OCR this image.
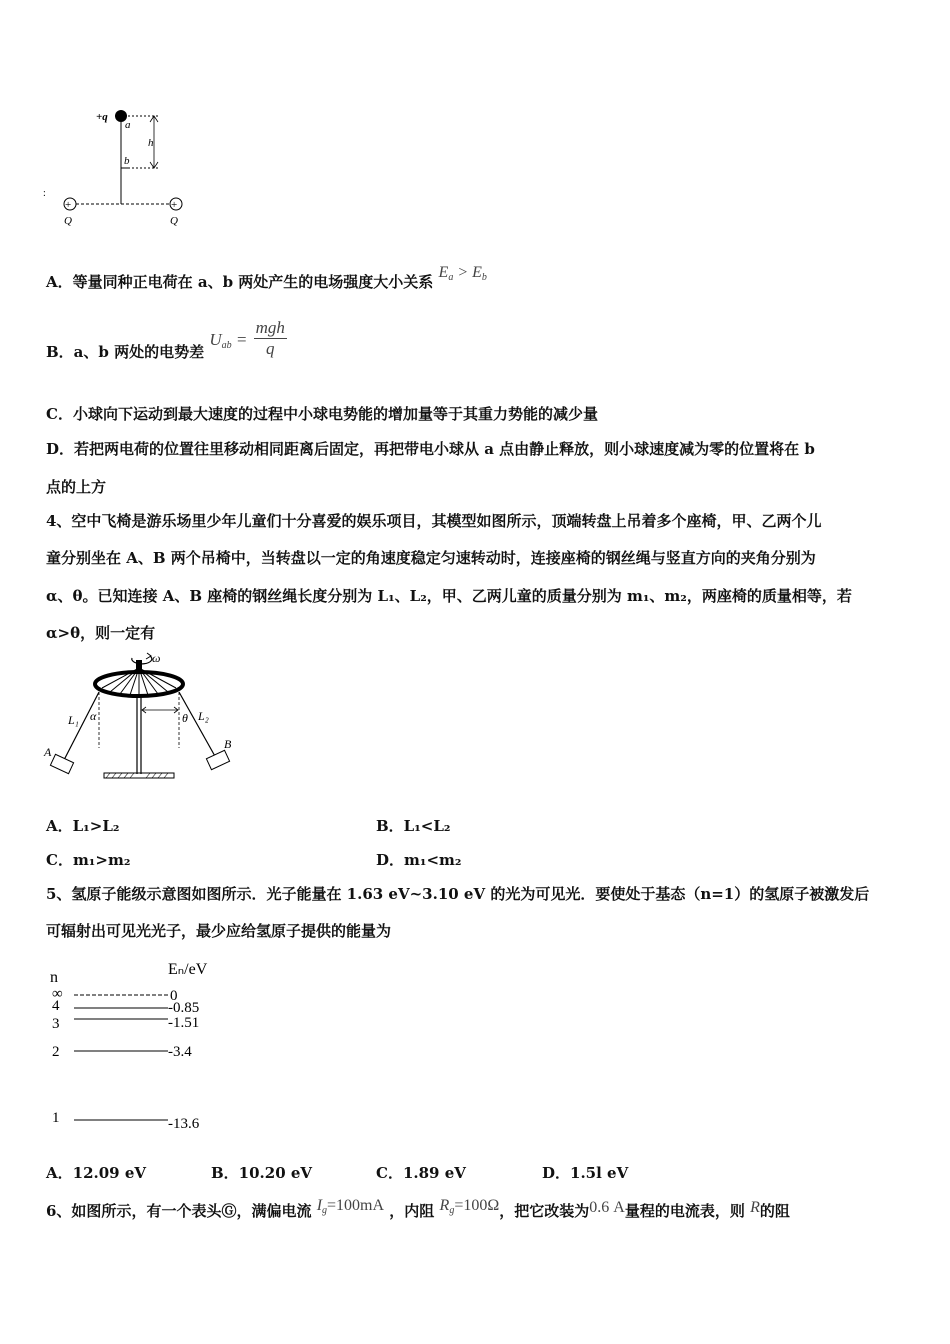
+q
a
b
h
+	+
Q	Q
:
A．等量同种正电荷在 a、b 两处产生的电场强度大小关系 $E_a > E_b$
B．a、b 两处的电势差 $U_{ab} = \frac{\text{mgh}}{q}$
C．小球向下运动到最大速度的过程中小球电势能的增加量等于其重力势能的减少量
D．若把两电荷的位置往里移动相同距离后固定，再把带电小球从 a 点由静止释放，则小球速度减为零的位置将在 b
点的上方
4、空中飞椅是游乐场里少年儿童们十分喜爱的娱乐项目，其模型如图所示，顶端转盘上吊着多个座椅，甲、乙两个儿
童分别坐在 A、B 两个吊椅中，当转盘以一定的角速度稳定匀速转动时，连接座椅的钢丝绳与竖直方向的夹角分别为
α、θ。已知连接 A、B 座椅的钢丝绳长度分别为 L₁、L₂，甲、乙两儿童的质量分别为 m₁、m₂，两座椅的质量相等，若
α>θ，则一定有
ω
L₁ α
A
L₂
θ
B
A．L₁>L₂	B．L₁<L₂
C．m₁>m₂	D．m₁<m₂
5、氢原子能级示意图如图所示．光子能量在 1.63 eV~3.10 eV 的光为可见光．要使处于基态（n=1）的氢原子被激发后
可辐射出可见光光子，最少应给氢原子提供的能量为
n	Eₙ/eV
∞	0
4	-0.85
3	-1.51
2	-3.4
1	-13.6
A．12.09 eV	B．10.20 eV	C．1.89 eV	D．1.5l eV
6、如图所示，有一个表头Ⓖ，满偏电流 $I_g=100mA$ ，内阻 $R_g=100\Omega$，把它改装为0.6 A量程的电流表，则 R的阻
